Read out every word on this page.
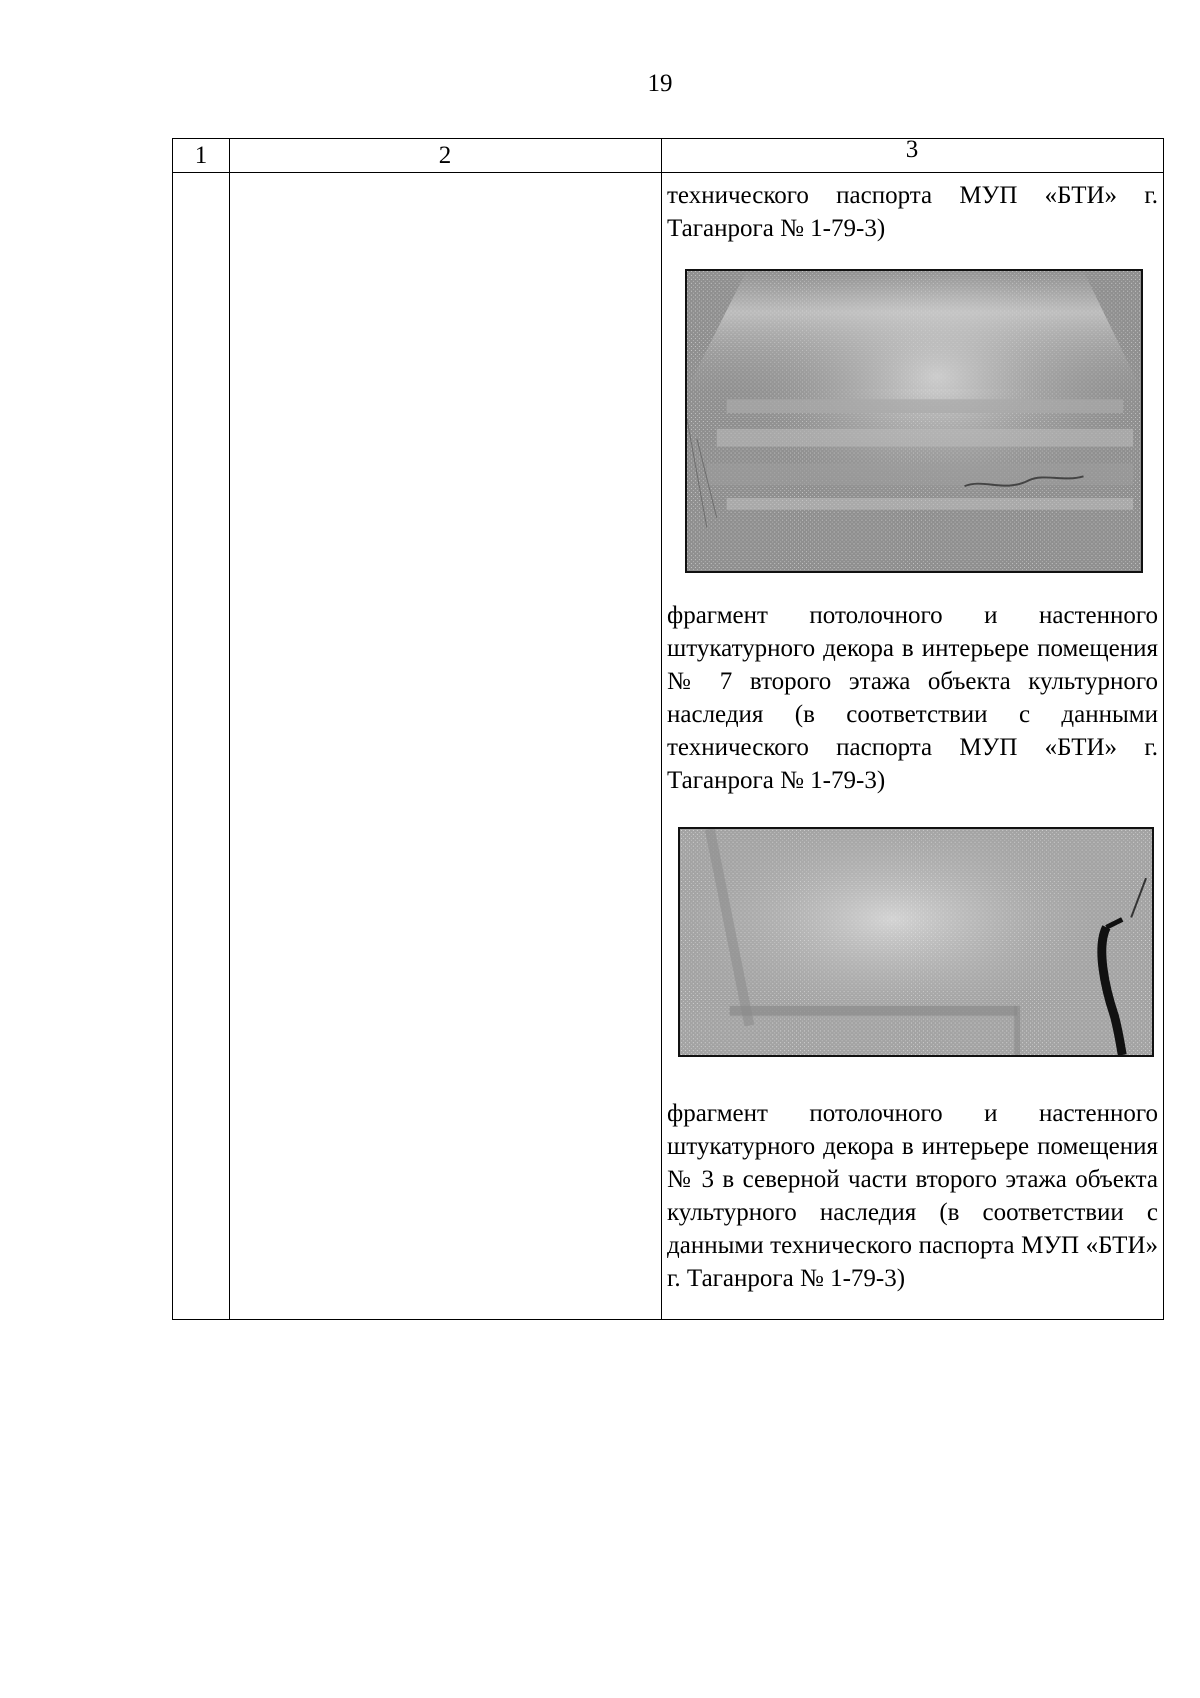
19
1	2	3
технического паспорта МУП «БТИ» г. Таганрога № 1-79-3)
фрагмент потолочного и настенного штукатурного декора в интерьере помещения № 7 второго этажа объекта культурного наследия (в соответствии с данными технического паспорта МУП «БТИ» г. Таганрога № 1-79-3)
фрагмент потолочного и настенного штукатурного декора в интерьере помещения № 3 в северной части второго этажа объекта культурного наследия (в соответствии с данными технического паспорта МУП «БТИ» г. Таганрога № 1-79-3)
